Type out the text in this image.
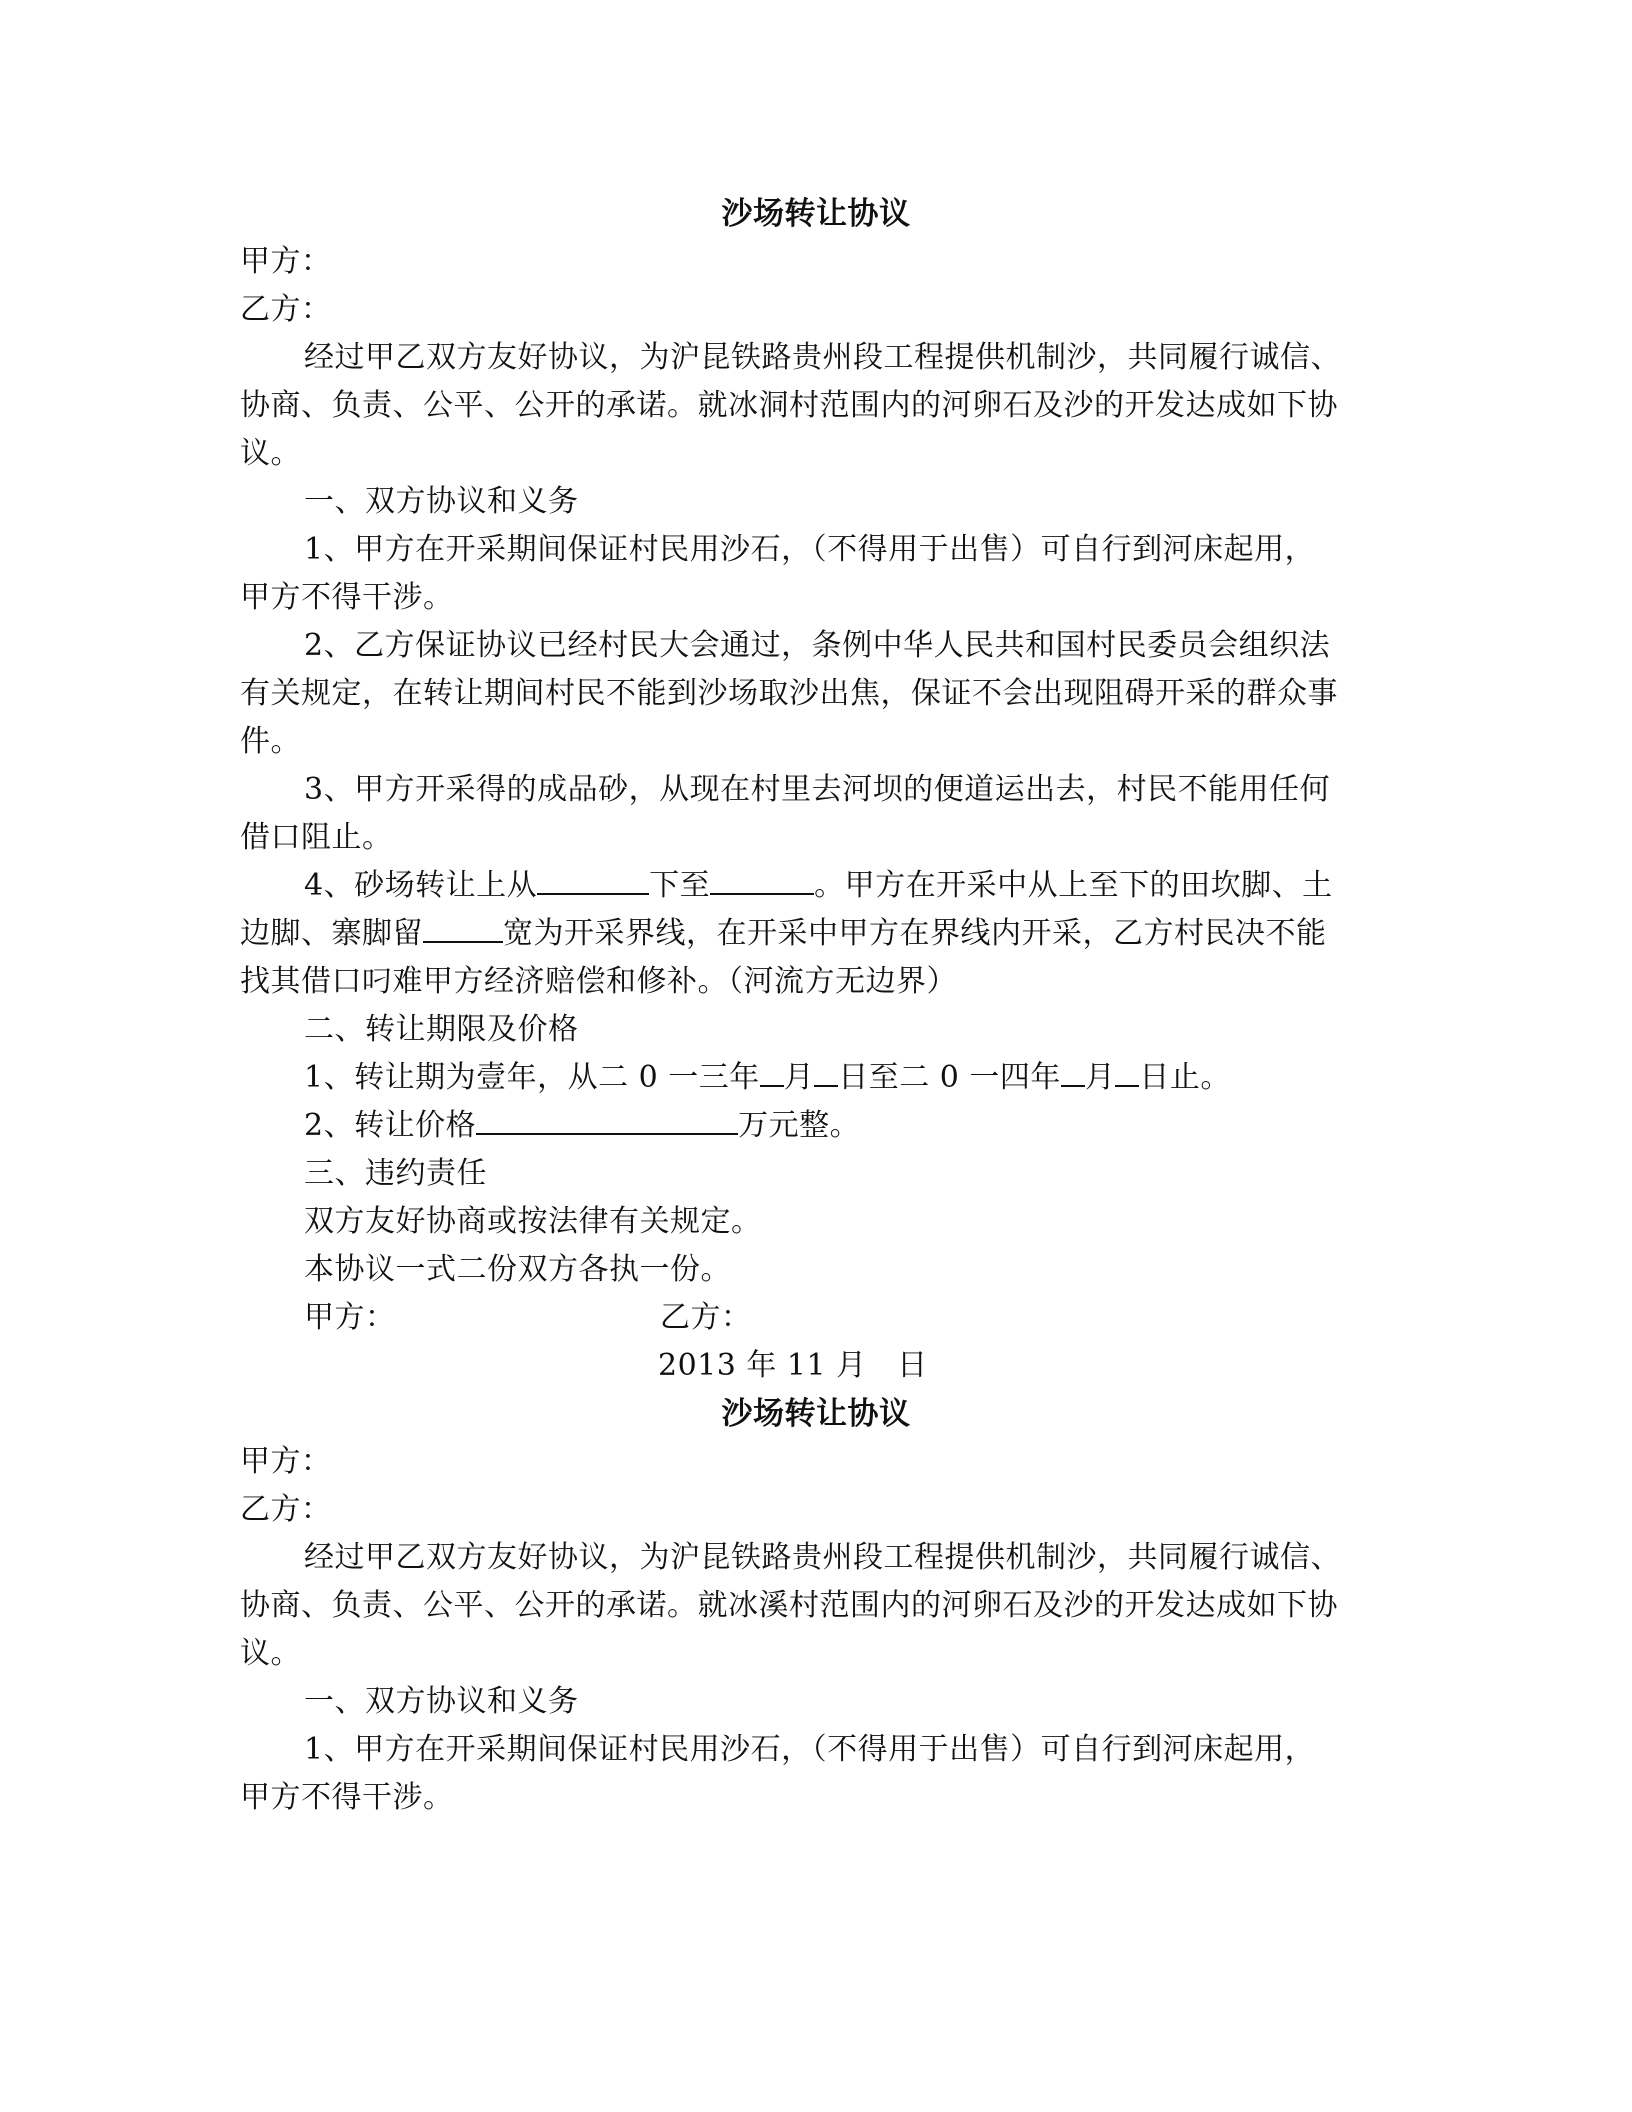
沙场转让协议
甲方：
乙方：
经过甲乙双方友好协议，为沪昆铁路贵州段工程提供机制沙，共同履行诚信、
协商、负责、公平、公开的承诺。就冰洞村范围内的河卵石及沙的开发达成如下协
议。
一、双方协议和义务
1、甲方在开采期间保证村民用沙石，（不得用于出售）可自行到河床起用，
甲方不得干涉。
2、乙方保证协议已经村民大会通过，条例中华人民共和国村民委员会组织法
有关规定，在转让期间村民不能到沙场取沙出焦，保证不会出现阻碍开采的群众事
件。
3、甲方开采得的成品砂，从现在村里去河坝的便道运出去，村民不能用任何
借口阻止。
4、砂场转让上从	下至	。甲方在开采中从上至下的田坎脚、土
边脚、寨脚留	宽为开采界线，在开采中甲方在界线内开采，乙方村民决不能
找其借口叼难甲方经济赔偿和修补。（河流方无边界）
二、转让期限及价格
1、转让期为壹年，从二 0 一三年 月 日至二 0 一四年 月 日止。
2、转让价格	万元整。
三、违约责任
双方友好协商或按法律有关规定。
本协议一式二份双方各执一份。
甲方：	乙方：
2013 年 11 月　日
沙场转让协议
甲方：
乙方：
经过甲乙双方友好协议，为沪昆铁路贵州段工程提供机制沙，共同履行诚信、
协商、负责、公平、公开的承诺。就冰溪村范围内的河卵石及沙的开发达成如下协
议。
一、双方协议和义务
1、甲方在开采期间保证村民用沙石，（不得用于出售）可自行到河床起用，
甲方不得干涉。
